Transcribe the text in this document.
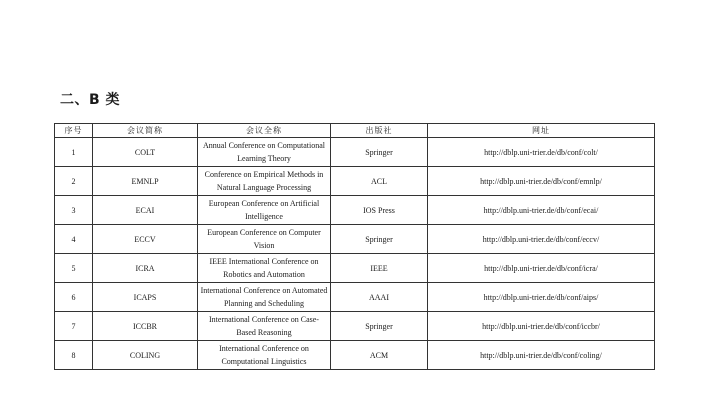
二、B 类
序号	会议简称	会议全称	出版社	网址
1	COLT	Annual Conference on Computational Learning Theory	Springer	http://dblp.uni-trier.de/db/conf/colt/
2	EMNLP	Conference on Empirical Methods in Natural Language Processing	ACL	http://dblp.uni-trier.de/db/conf/emnlp/
3	ECAI	European Conference on Artificial Intelligence	IOS Press	http://dblp.uni-trier.de/db/conf/ecai/
4	ECCV	European Conference on Computer Vision	Springer	http://dblp.uni-trier.de/db/conf/eccv/
5	ICRA	IEEE International Conference on Robotics and Automation	IEEE	http://dblp.uni-trier.de/db/conf/icra/
6	ICAPS	International Conference on Automated Planning and Scheduling	AAAI	http://dblp.uni-trier.de/db/conf/aips/
7	ICCBR	International Conference on Case-Based Reasoning	Springer	http://dblp.uni-trier.de/db/conf/iccbr/
8	COLING	International Conference on Computational Linguistics	ACM	http://dblp.uni-trier.de/db/conf/coling/
